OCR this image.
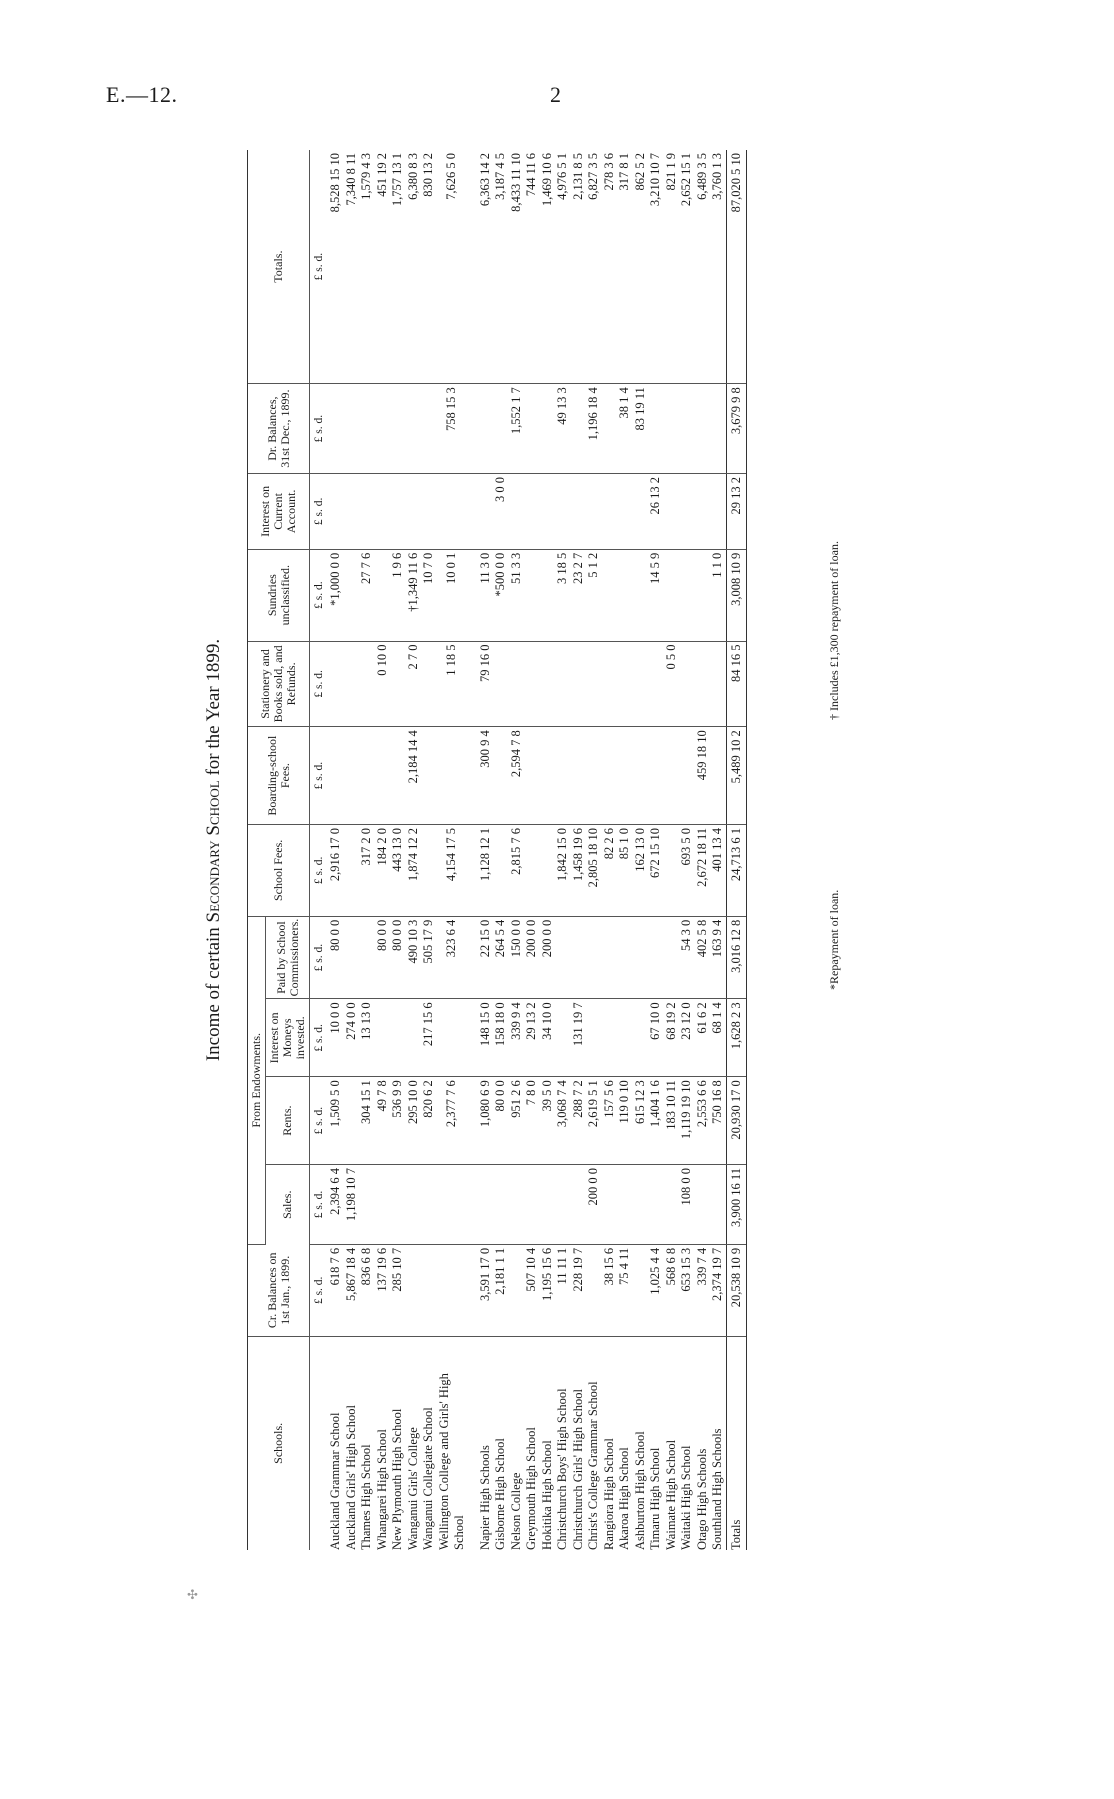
E.—12.	2
Income of certain Secondary School for the Year 1899.
Schools.	Cr. Balances on 1st Jan., 1899.	From Endowments.				School Fees.	Boarding-school Fees.	Stationery and Books sold, and Refunds.	Sundries unclassified.	Interest on Current Account.	Dr. Balances, 31st Dec., 1899.	Totals.
		Sales.	Rents.	Interest on Moneys invested.	Paid by School Commissioners.							
	£ s. d.	£ s. d.	£ s. d.	£ s. d.	£ s. d.	£ s. d.	£ s. d.	£ s. d.	£ s. d.	£ s. d.	£ s. d.	£ s. d.
Auckland Grammar School	618 7 6	2,394 6 4	1,509 5 0	10 0 0	80 0 0	2,916 17 0			*1,000 0 0			8,528 15 10
Auckland Girls' High School	5,867 18 4	1,198 10 7		274 0 0								7,340 8 11
Thames High School	836 6 8		304 15 1	13 13 0		317 2 0			27 7 6			1,579 4 3
Whangarei High School	137 19 6		49 7 8		80 0 0	184 2 0		0 10 0				451 19 2
New Plymouth High School	285 10 7		536 9 9		80 0 0	443 13 0			1 9 6			1,757 13 1
Wanganui Girls' College			295 10 0		490 10 3	1,874 12 2	2,184 14 4	2 7 0	†1,349 11 6			6,380 8 3
Wanganui Collegiate School			820 6 2	217 15 6	505 17 9				10 7 0			830 13 2
Wellington College and Girls' High School			2,377 7 6		323 6 4	4,154 17 5		1 18 5	10 0 1		758 15 3	7,626 5 0

Napier High Schools	3,591 17 0		1,080 6 9	148 15 0	22 15 0	1,128 12 1	300 9 4	79 16 0	11 3 0			6,363 14 2
Gisborne High School	2,181 1 1		80 0 0	158 18 0	264 5 4				*500 0 0	3 0 0		3,187 4 5
Nelson College			951 2 6	339 9 4	150 0 0	2,815 7 6	2,594 7 8		51 3 3		1,552 1 7	8,433 11 10
Greymouth High School	507 10 4		7 8 0	29 13 2	200 0 0							744 11 6
Hokitika High School	1,195 15 6		39 5 0	34 10 0	200 0 0							1,469 10 6
Christchurch Boys' High School	11 11 1		3,068 7 4			1,842 15 0			3 18 5		49 13 3	4,976 5 1
Christchurch Girls' High School	228 19 7		288 7 2	131 19 7		1,458 19 6			23 2 7			2,131 8 5
Christ's College Grammar School		200 0 0	2,619 5 1			2,805 18 10			5 1 2		1,196 18 4	6,827 3 5
Rangiora High School	38 15 6		157 5 6			82 2 6						278 3 6
Akaroa High School	75 4 11		119 0 10			85 1 0					38 1 4	317 8 1
Ashburton High School			615 12 3			162 13 0					83 19 11	862 5 2
Timaru High School	1,025 4 4		1,404 1 6	67 10 0		672 15 10			14 5 9	26 13 2		3,210 10 7
Waimate High School	568 6 8		183 10 11	68 19 2				0 5 0				821 1 9
Waitaki High School	653 15 3	108 0 0	1,119 19 10	23 12 0	54 3 0	693 5 0						2,652 15 1
Otago High Schools	339 7 4		2,553 6 6	61 6 2	402 5 8	2,672 18 11	459 18 10					6,489 3 5
Southland High Schools	2,374 19 7		750 16 8	68 1 4	163 9 4	401 13 4			1 1 0			3,760 1 3
Totals	20,538 10 9	3,900 16 11	20,930 17 0	1,628 2 3	3,016 12 8	24,713 6 1	5,489 10 2	84 16 5	3,008 10 9	29 13 2	3,679 9 8	87,020 5 10
*Repayment of loan.
† Includes £1,300 repayment of loan.
✣
